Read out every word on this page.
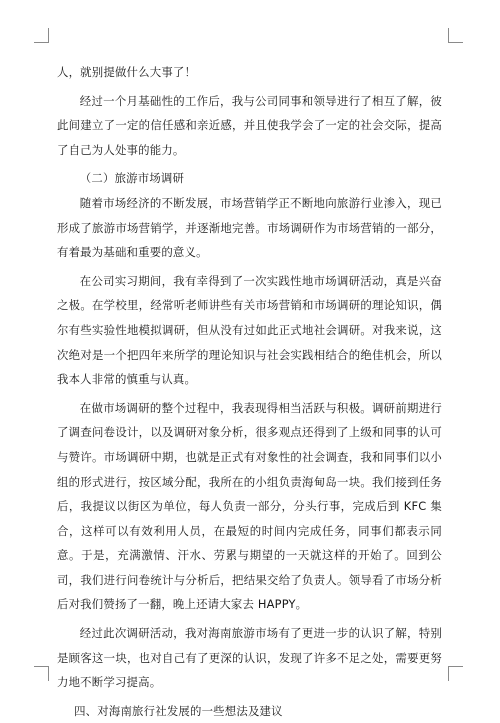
人，就别提做什么大事了！

经过一个月基础性的工作后，我与公司同事和领导进行了相互了解，彼此间建立了一定的信任感和亲近感，并且使我学会了一定的社会交际，提高了自己为人处事的能力。

（二）旅游市场调研

随着市场经济的不断发展，市场营销学正不断地向旅游行业渗入，现已形成了旅游市场营销学，并逐渐地完善。市场调研作为市场营销的一部分，有着最为基础和重要的意义。

在公司实习期间，我有幸得到了一次实践性地市场调研活动，真是兴奋之极。在学校里，经常听老师讲些有关市场营销和市场调研的理论知识，偶尔有些实验性地模拟调研，但从没有过如此正式地社会调研。对我来说，这次绝对是一个把四年来所学的理论知识与社会实践相结合的绝佳机会，所以我本人非常的慎重与认真。

在做市场调研的整个过程中，我表现得相当活跃与积极。调研前期进行了调查问卷设计，以及调研对象分析，很多观点还得到了上级和同事的认可与赞许。市场调研中期，也就是正式有对象性的社会调查，我和同事们以小组的形式进行，按区域分配，我所在的小组负责海甸岛一块。我们接到任务后，我提议以街区为单位，每人负责一部分，分头行事，完成后到 KFC 集合，这样可以有效利用人员，在最短的时间内完成任务，同事们都表示同意。于是，充满激情、汗水、劳累与期望的一天就这样的开始了。回到公司，我们进行问卷统计与分析后，把结果交给了负责人。领导看了市场分析后对我们赞扬了一翻，晚上还请大家去 HAPPY。

经过此次调研活动，我对海南旅游市场有了更进一步的认识了解，特别是顾客这一块，也对自己有了更深的认识，发现了许多不足之处，需要更努力地不断学习提高。

四、对海南旅行社发展的一些想法及建议
